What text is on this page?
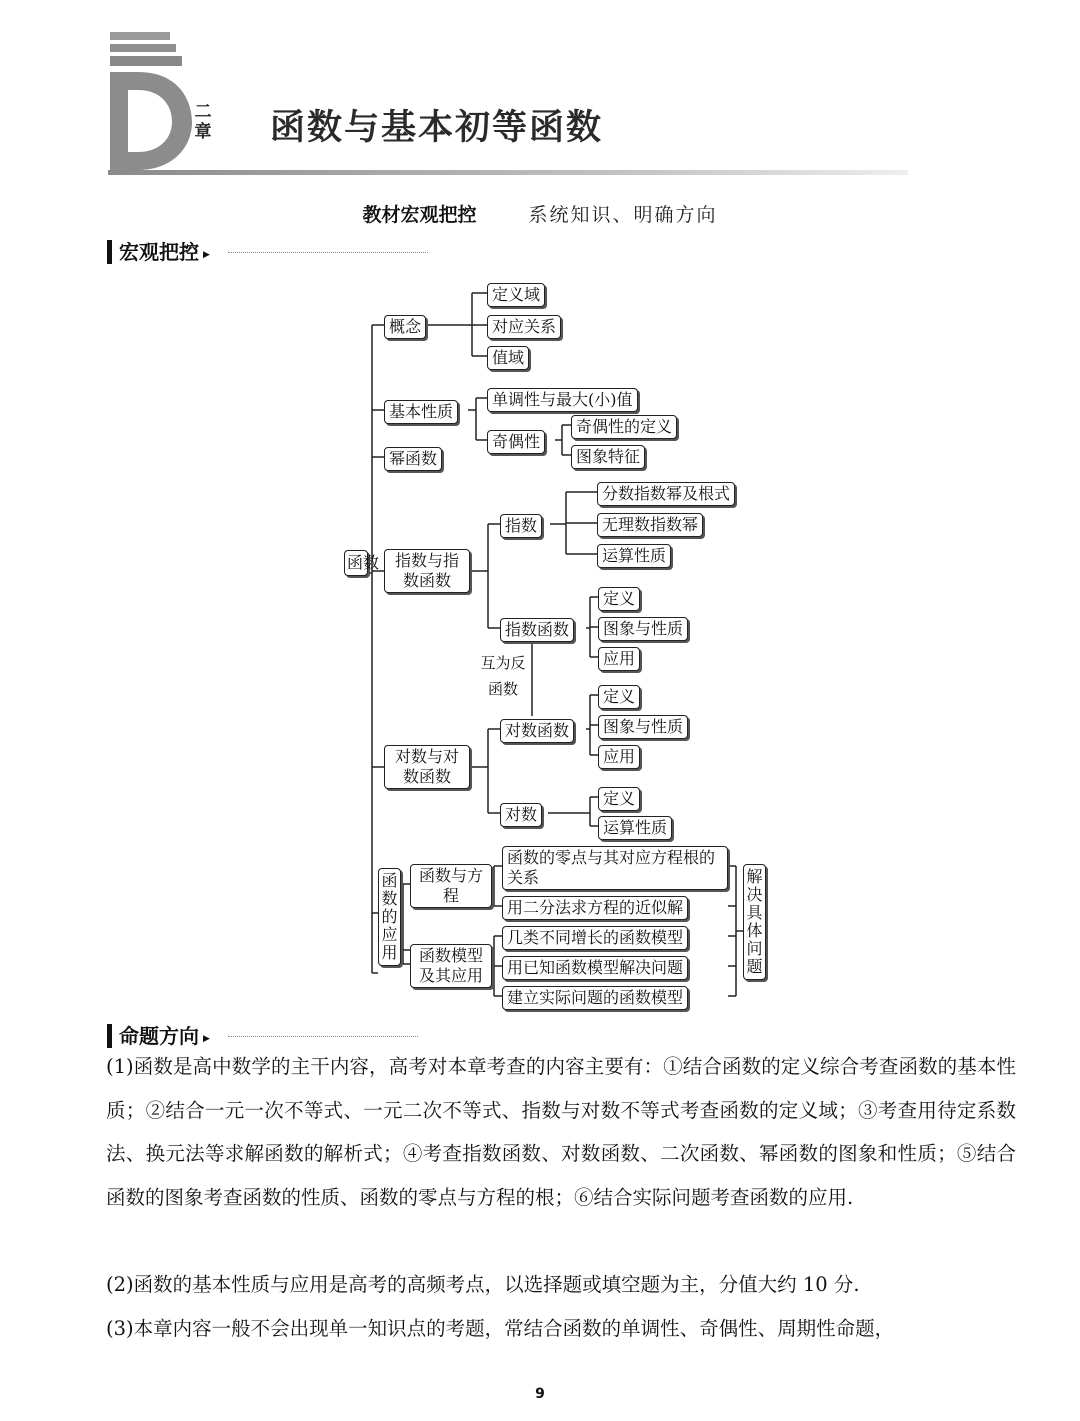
二章 函数与基本初等函数
教材宏观把控	系统知识、明确方向
宏观把控 ▶
函数
概念
定义域
对应关系
值域
基本性质
单调性与最大(小)值
奇偶性
奇偶性的定义
图象特征
幂函数
指数与指数函数
指数
分数指数幂及根式
无理数指数幂
运算性质
指数函数
定义
图象与性质
应用
互为反函数
对数与对数函数
对数函数
定义
图象与性质
应用
对数
定义
运算性质
函数的应用
函数与方程
函数模型及其应用
函数的零点与其对应方程根的关系
用二分法求方程的近似解
几类不同增长的函数模型
用已知函数模型解决问题
建立实际问题的函数模型
解决具体问题
命题方向 ▶
(1)函数是高中数学的主干内容，高考对本章考查的内容主要有：①结合函数的定义综合考查函数的基本性质；②结合一元一次不等式、一元二次不等式、指数与对数不等式考查函数的定义域；③考查用待定系数法、换元法等求解函数的解析式；④考查指数函数、对数函数、二次函数、幂函数的图象和性质；⑤结合函数的图象考查函数的性质、函数的零点与方程的根；⑥结合实际问题考查函数的应用.
(2)函数的基本性质与应用是高考的高频考点，以选择题或填空题为主，分值大约 10 分.
(3)本章内容一般不会出现单一知识点的考题，常结合函数的单调性、奇偶性、周期性命题，
9
